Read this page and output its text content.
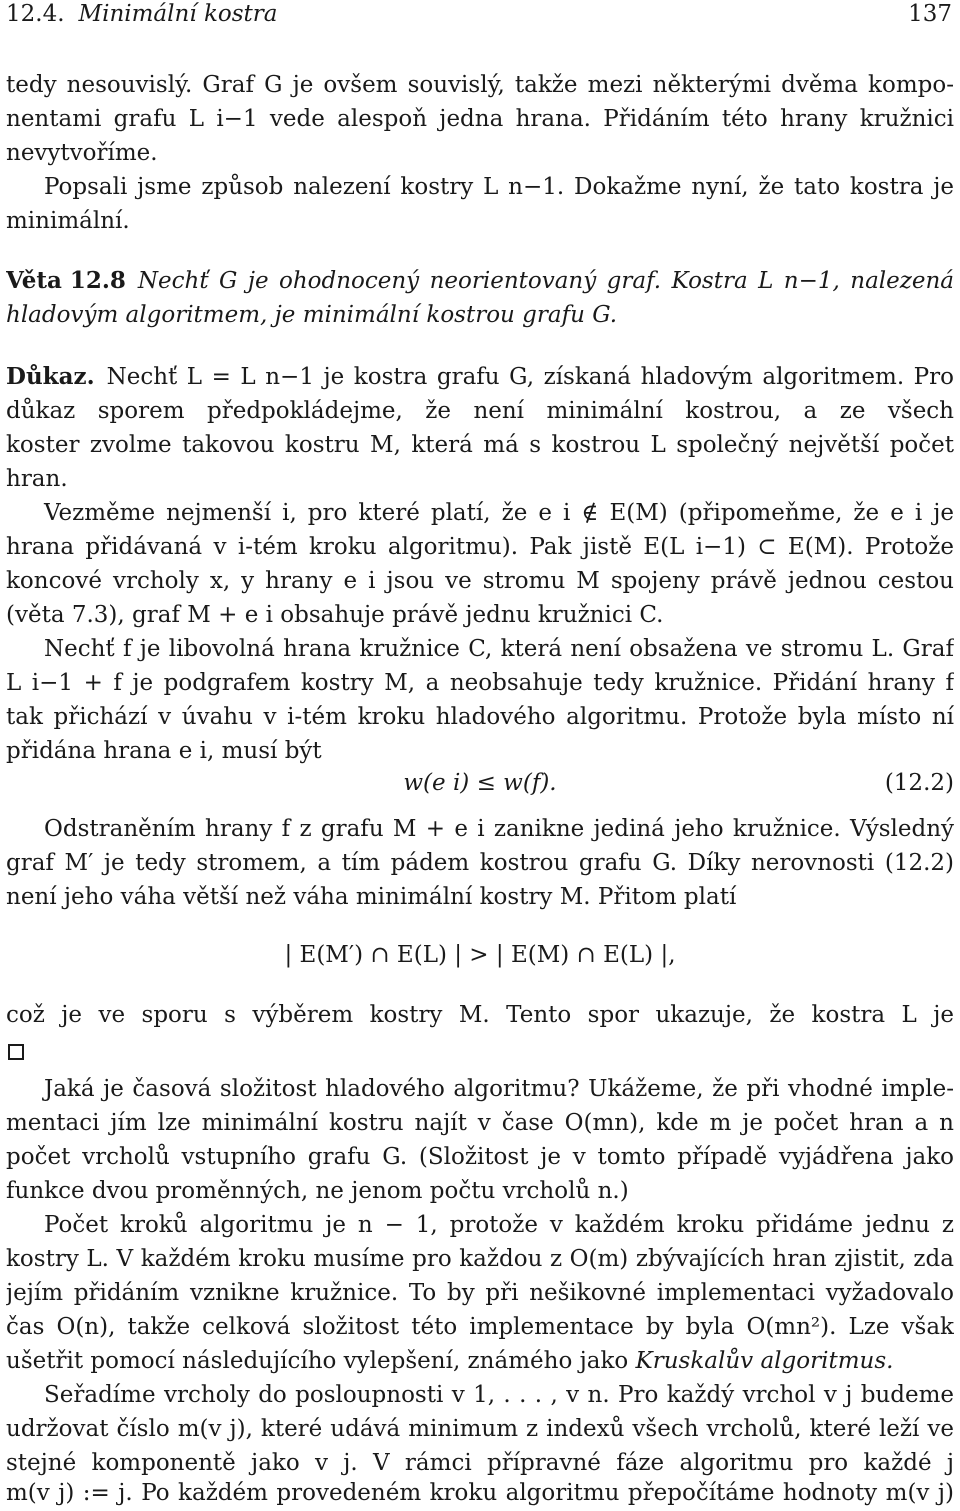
12.4. Minimální kostra	137
tedy nesouvislý. Graf G je ovšem souvislý, takže mezi některými dvěma kompo-
nentami grafu L i−1 vede alespoň jedna hrana. Přidáním této hrany kružnici
nevytvoříme.
Popsali jsme způsob nalezení kostry L n−1. Dokažme nyní, že tato kostra je
minimální.
Věta 12.8 Nechť G je ohodnocený neorientovaný graf. Kostra L n−1, nalezená
hladovým algoritmem, je minimální kostrou grafu G.
Důkaz. Nechť L = L n−1 je kostra grafu G, získaná hladovým algoritmem. Pro
důkaz sporem předpokládejme, že není minimální kostrou, a ze všech
koster zvolme takovou kostru M, která má s kostrou L společný největší počet
hran.
Vezměme nejmenší i, pro které platí, že e i ∉ E(M) (připomeňme, že e i je
hrana přidávaná v i-tém kroku algoritmu). Pak jistě E(L i−1) ⊂ E(M). Protože
koncové vrcholy x, y hrany e i jsou ve stromu M spojeny právě jednou cestou
(věta 7.3), graf M + e i obsahuje právě jednu kružnici C.
Nechť f je libovolná hrana kružnice C, která není obsažena ve stromu L. Graf
L i−1 + f je podgrafem kostry M, a neobsahuje tedy kružnice. Přidání hrany f
tak přichází v úvahu v i-tém kroku hladového algoritmu. Protože byla místo ní
přidána hrana e i, musí být
w(e i) ≤ w(f).	(12.2)
Odstraněním hrany f z grafu M + e i zanikne jediná jeho kružnice. Výsledný
graf M′ je tedy stromem, a tím pádem kostrou grafu G. Díky nerovnosti (12.2)
není jeho váha větší než váha minimální kostry M. Přitom platí
| E(M′) ∩ E(L) | > | E(M) ∩ E(L) |,
což je ve sporu s výběrem kostry M. Tento spor ukazuje, že kostra L je
Jaká je časová složitost hladového algoritmu? Ukážeme, že při vhodné imple-
mentaci jím lze minimální kostru najít v čase O(mn), kde m je počet hran a n
počet vrcholů vstupního grafu G. (Složitost je v tomto případě vyjádřena jako
funkce dvou proměnných, ne jenom počtu vrcholů n.)
Počet kroků algoritmu je n − 1, protože v každém kroku přidáme jednu z
kostry L. V každém kroku musíme pro každou z O(m) zbývajících hran zjistit, zda
jejím přidáním vznikne kružnice. To by při nešikovné implementaci vyžadovalo
čas O(n), takže celková složitost této implementace by byla O(mn²). Lze však
ušetřit pomocí následujícího vylepšení, známého jako Kruskalův algoritmus.
Seřadíme vrcholy do posloupnosti v 1, . . . , v n. Pro každý vrchol v j budeme
udržovat číslo m(v j), které udává minimum z indexů všech vrcholů, které leží ve
stejné komponentě jako v j. V rámci přípravné fáze algoritmu pro každé j
m(v j) := j. Po každém provedeném kroku algoritmu přepočítáme hodnoty m(v j)
